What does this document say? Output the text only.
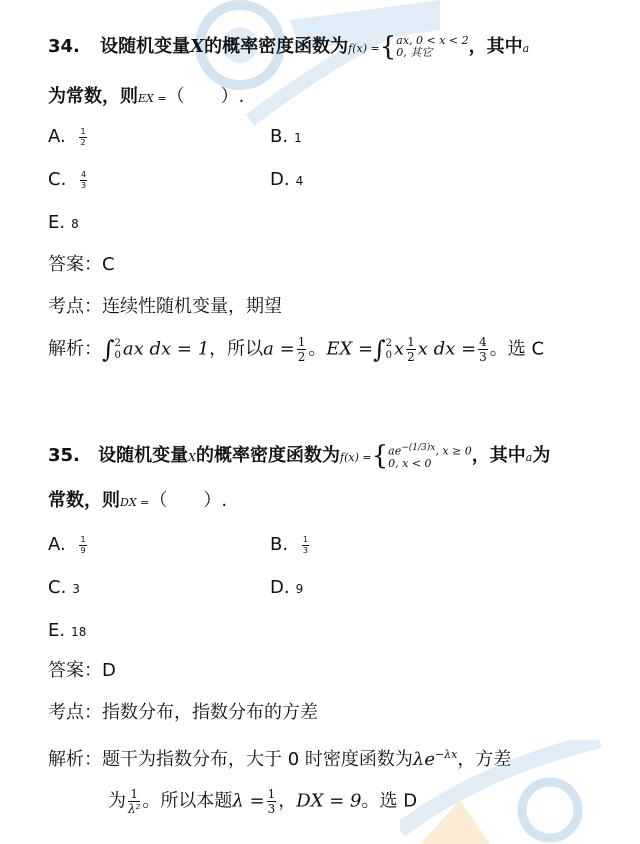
34. 设随机变量X的概率密度函数为f(x) ={ ax, 0 < x < 2
0, 其它	，其中a
为常数，则EX =（　　）.
A. $\frac{1}{2}$	B. 1
C. $\frac{4}{3}$	D. 4
E. 8
答案：C
考点：连续性随机变量，期望
解析：∫ 2
0 ax dx = 1，所以$a = \frac{1}{2}$ 。EX =∫ 2
0 x $\frac{1}{2}$ x dx = $\frac{4}{3}$ 。选 C
35. 设随机变量X的概率密度函数为f(x) ={ $ae^{-(1/3)x}$, x ≥ 0
0, x < 0	，其中a为
常数，则DX =（　　）.
A. $\frac{1}{9}$	B. $\frac{1}{3}$
C. 3	D. 9
E. 18
答案：D
考点：指数分布，指数分布的方差
解析：题干为指数分布，大于 0 时密度函数为$\lambda e^{-\lambda x}$，方差
为 $\frac{1}{\text{λ²}}$ 。所以本题$\lambda = \frac{1}{3}$ ，DX = 9。选 D
